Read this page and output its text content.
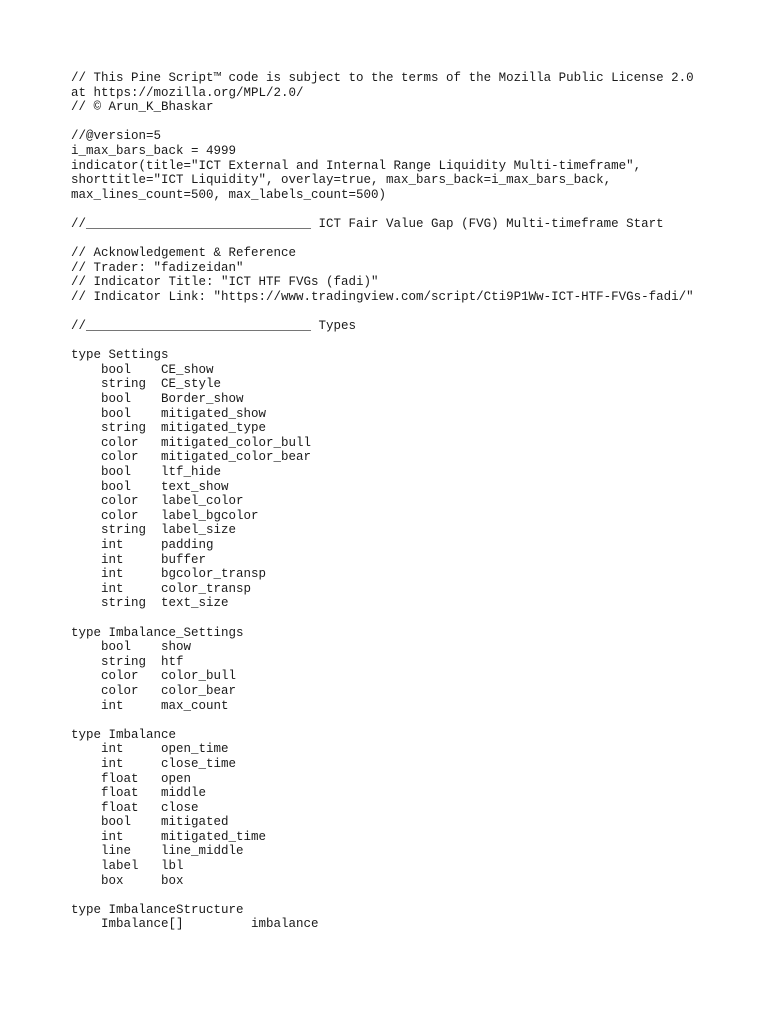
// This Pine Script™ code is subject to the terms of the Mozilla Public License 2.0
at https://mozilla.org/MPL/2.0/
// © Arun_K_Bhaskar

//@version=5
i_max_bars_back = 4999
indicator(title="ICT External and Internal Range Liquidity Multi-timeframe",
shorttitle="ICT Liquidity", overlay=true, max_bars_back=i_max_bars_back,
max_lines_count=500, max_labels_count=500)

//______________________________ ICT Fair Value Gap (FVG) Multi-timeframe Start

// Acknowledgement & Reference
// Trader: "fadizeidan"
// Indicator Title: "ICT HTF FVGs (fadi)"
// Indicator Link: "https://www.tradingview.com/script/Cti9P1Ww-ICT-HTF-FVGs-fadi/"

//______________________________ Types

type Settings
bool    CE_show
string  CE_style
bool    Border_show
bool    mitigated_show
string  mitigated_type
color   mitigated_color_bull
color   mitigated_color_bear
bool    ltf_hide
bool    text_show
color   label_color
color   label_bgcolor
string  label_size
int     padding
int     buffer
int     bgcolor_transp
int     color_transp
string  text_size

type Imbalance_Settings
bool    show
string  htf
color   color_bull
color   color_bear
int     max_count

type Imbalance
int     open_time
int     close_time
float   open
float   middle
float   close
bool    mitigated
int     mitigated_time
line    line_middle
label   lbl
box     box

type ImbalanceStructure
Imbalance[]         imbalance
